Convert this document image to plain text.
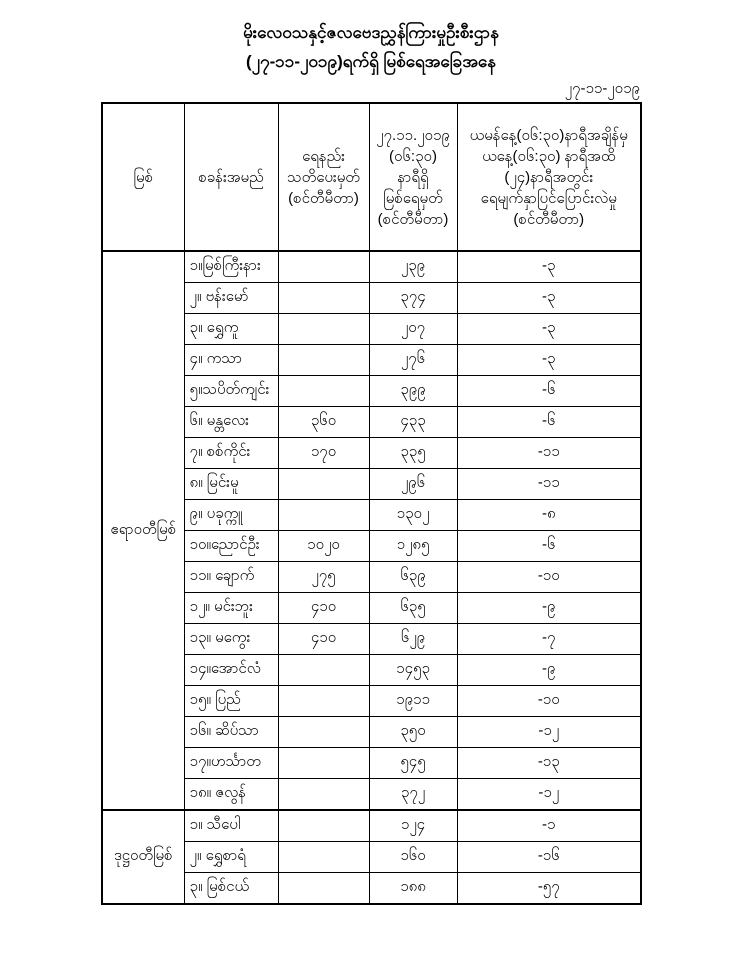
မိုးလေဝသနှင့်ဇလဗေဒညွှန်ကြားမှုဦးစီးဌာန
(၂၇-၁၁-၂၀၁၉)ရက်ရှိ မြစ်ရေအခြေအနေ
၂၇-၁၁-၂၀၁၉
မြစ်	စခန်းအမည်	
ရေနည်း
သတိပေးမှတ်
(စင်တီမီတာ)

၂၇.၁၁.၂၀၁၉
(၀၆:၃၀)
နာရီရှိ
မြစ်ရေမှတ်
(စင်တီမီတာ)

ယမန်နေ့(၀၆:၃၀)နာရီအချိန်မှ
ယနေ့(၀၆:၃၀) နာရီအထိ
(၂၄)နာရီအတွင်း
ရေမျက်နှာပြင်ပြောင်းလဲမှု
(စင်တီမီတာ)

ဧရာဝတီမြစ်	၁။မြစ်ကြီးနား		၂၃၉	-၃
	၂။ ဗန်းမော်		၃၇၄	-၃
	၃။ ရွှေကူ		၂၀၇	-၃
	၄။ ကသာ		၂၇၆	-၃
	၅။သပိတ်ကျင်း		၃၉၉	-၆
	၆။ မန္တလေး	၃၆၀	၄၃၃	-၆
	၇။ စစ်ကိုင်း	၁၇၀	၃၃၅	-၁၁
	၈။ မြင်းမူ		၂၉၆	-၁၁
	၉။ ပခုက္ကူ		၁၃၀၂	-၈
	၁၀။ညောင်ဦး	၁၀၂၀	၁၂၈၅	-၆
	၁၁။ ချောက်	၂၇၅	၆၃၉	-၁၀
	၁၂။ မင်းဘူး	၄၁၀	၆၃၅	-၉
	၁၃။ မကွေး	၄၁၀	၆၂၉	-၇
	၁၄။အောင်လံ		၁၄၅၃	-၉
	၁၅။ ပြည်		၁၉၁၁	-၁၀
	၁၆။ ဆိပ်သာ		၃၅၀	-၁၂
	၁၇။ဟင်္သာတ		၅၄၅	-၁၃
	၁၈။ ဇလွန်		၃၇၂	-၁၂
ဒုဋ္ဌဝတီမြစ်	၁။ သီပေါ		၁၂၄	-၁
	၂။ ရွှေစာရံ		၁၆၀	-၁၆
	၃။ မြစ်ငယ်		၁၈၈	-၅၇
